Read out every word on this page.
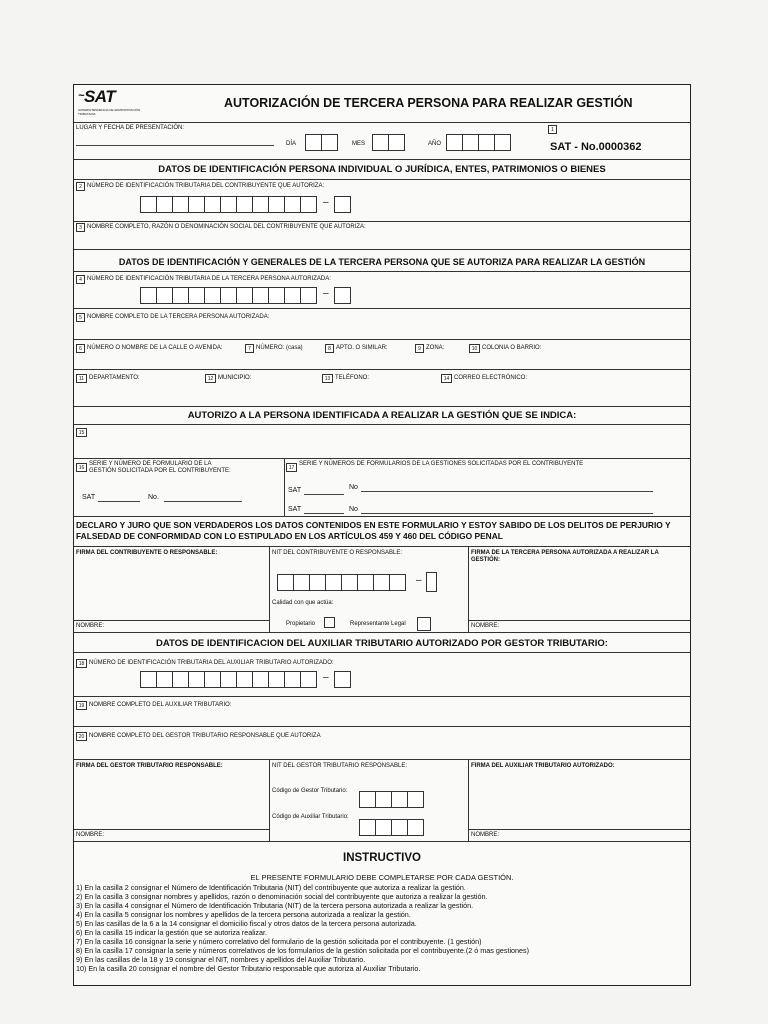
~SAT
SUPERINTENDENCIA DE ADMINISTRACIÓN TRIBUTARIA
AUTORIZACIÓN DE TERCERA PERSONA PARA REALIZAR GESTIÓN
LUGAR Y FECHA DE PRESENTACIÓN:
DÍA	MES	AÑO
1
SAT - No.0000362
DATOS DE IDENTIFICACIÓN PERSONA INDIVIDUAL O JURÍDICA, ENTES, PATRIMONIOS O BIENES
2 NÚMERO DE IDENTIFICACIÓN TRIBUTARIA DEL CONTRIBUYENTE QUE AUTORIZA:
–
3 NOMBRE COMPLETO, RAZÓN O DENOMINACIÓN SOCIAL DEL CONTRIBUYENTE QUE AUTORIZA:
DATOS DE IDENTIFICACIÓN Y GENERALES DE LA TERCERA PERSONA QUE SE AUTORIZA PARA REALIZAR LA GESTIÓN
4 NÚMERO DE IDENTIFICACIÓN TRIBUTARIA DE LA TERCERA PERSONA AUTORIZADA:
–
5 NOMBRE COMPLETO DE LA TERCERA PERSONA AUTORIZADA:
6 NÚMERO O NOMBRE DE LA CALLE O AVENIDA:	7 NÚMERO: (casa)	8 APTO. O SIMILAR:	9 ZONA:	10 COLONIA O BARRIO:
11 DEPARTAMENTO:	12 MUNICIPIO:	13 TELÉFONO:	14 CORREO ELECTRÓNICO:
AUTORIZO A LA PERSONA IDENTIFICADA A REALIZAR LA GESTIÓN QUE SE INDICA:
15
16
SERIE Y NÚMERO DE FORMULARIO DE LA GESTIÓN SOLICITADA POR EL CONTRIBUYENTE:
SAT	No.
17
SERIE Y NÚMEROS DE FORMULARIOS DE LA GESTIONES SOLICITADAS POR EL CONTRIBUYENTE
SAT	No
SAT	No
DECLARO Y JURO QUE SON VERDADEROS LOS DATOS CONTENIDOS EN ESTE FORMULARIO Y ESTOY SABIDO DE LOS DELITOS DE PERJURIO Y FALSEDAD DE CONFORMIDAD CON LO ESTIPULADO EN LOS ARTÍCULOS 459 Y 460 DEL CÓDIGO PENAL
FIRMA DEL CONTRIBUYENTE O RESPONSABLE:	NIT DEL CONTRIBUYENTE O RESPONSABLE:
–
Calidad con que actúa:
Propietario	Representante Legal
FIRMA DE LA TERCERA PERSONA AUTORIZADA A REALIZAR LA GESTIÓN:
NOMBRE:	NOMBRE:
DATOS DE IDENTIFICACION DEL AUXILIAR TRIBUTARIO AUTORIZADO POR GESTOR TRIBUTARIO:
18 NÚMERO DE IDENTIFICACIÓN TRIBUTARIA DEL AUXILIAR TRIBUTARIO AUTORIZADO:
–
19 NOMBRE COMPLETO DEL AUXILIAR TRIBUTARIO:
20 NOMBRE COMPLETO DEL GESTOR TRIBUTARIO RESPONSABLE QUE AUTORIZA
FIRMA DEL GESTOR TRIBUTARIO RESPONSABLE:	NIT DEL GESTOR TRIBUTARIO RESPONSABLE:
Código de Gestor Tributario:
Código de Auxiliar Tributario:
FIRMA DEL AUXILIAR TRIBUTARIO AUTORIZADO:
NOMBRE:	NOMBRE:
INSTRUCTIVO
EL PRESENTE FORMULARIO DEBE COMPLETARSE POR CADA GESTIÓN.
1) En la casilla 2 consignar el Número de Identificación Tributaria (NIT) del contribuyente que autoriza a realizar la gestión.
2) En la casilla 3 consignar nombres y apellidos, razón o denominación social del contribuyente que autoriza a realizar la gestión.
3) En la casilla 4 consignar el Número de Identificación Tributaria (NIT) de la tercera persona autorizada a realizar la gestión.
4) En la casilla 5 consignar los nombres y apellidos de la tercera persona autorizada a realizar la gestión.
5) En las casillas de la 6 a la 14 consignar el domicilio fiscal y otros datos de la tercera persona autorizada.
6) En la casilla 15 indicar la gestión que se autoriza realizar.
7) En la casilla 16 consignar la serie y número correlativo del formulario de la gestión solicitada por el contribuyente. (1 gestión)
8) En la casilla 17 consignar la serie y números correlativos de los formularios de la gestión solicitada por el contribuyente.(2 ó mas gestiones)
9) En las casillas de la 18 y 19 consignar el NIT, nombres y apellidos del Auxiliar Tributario.
10) En la casilla 20 consignar el nombre del Gestor Tributario responsable que autoriza al Auxiliar Tributario.
